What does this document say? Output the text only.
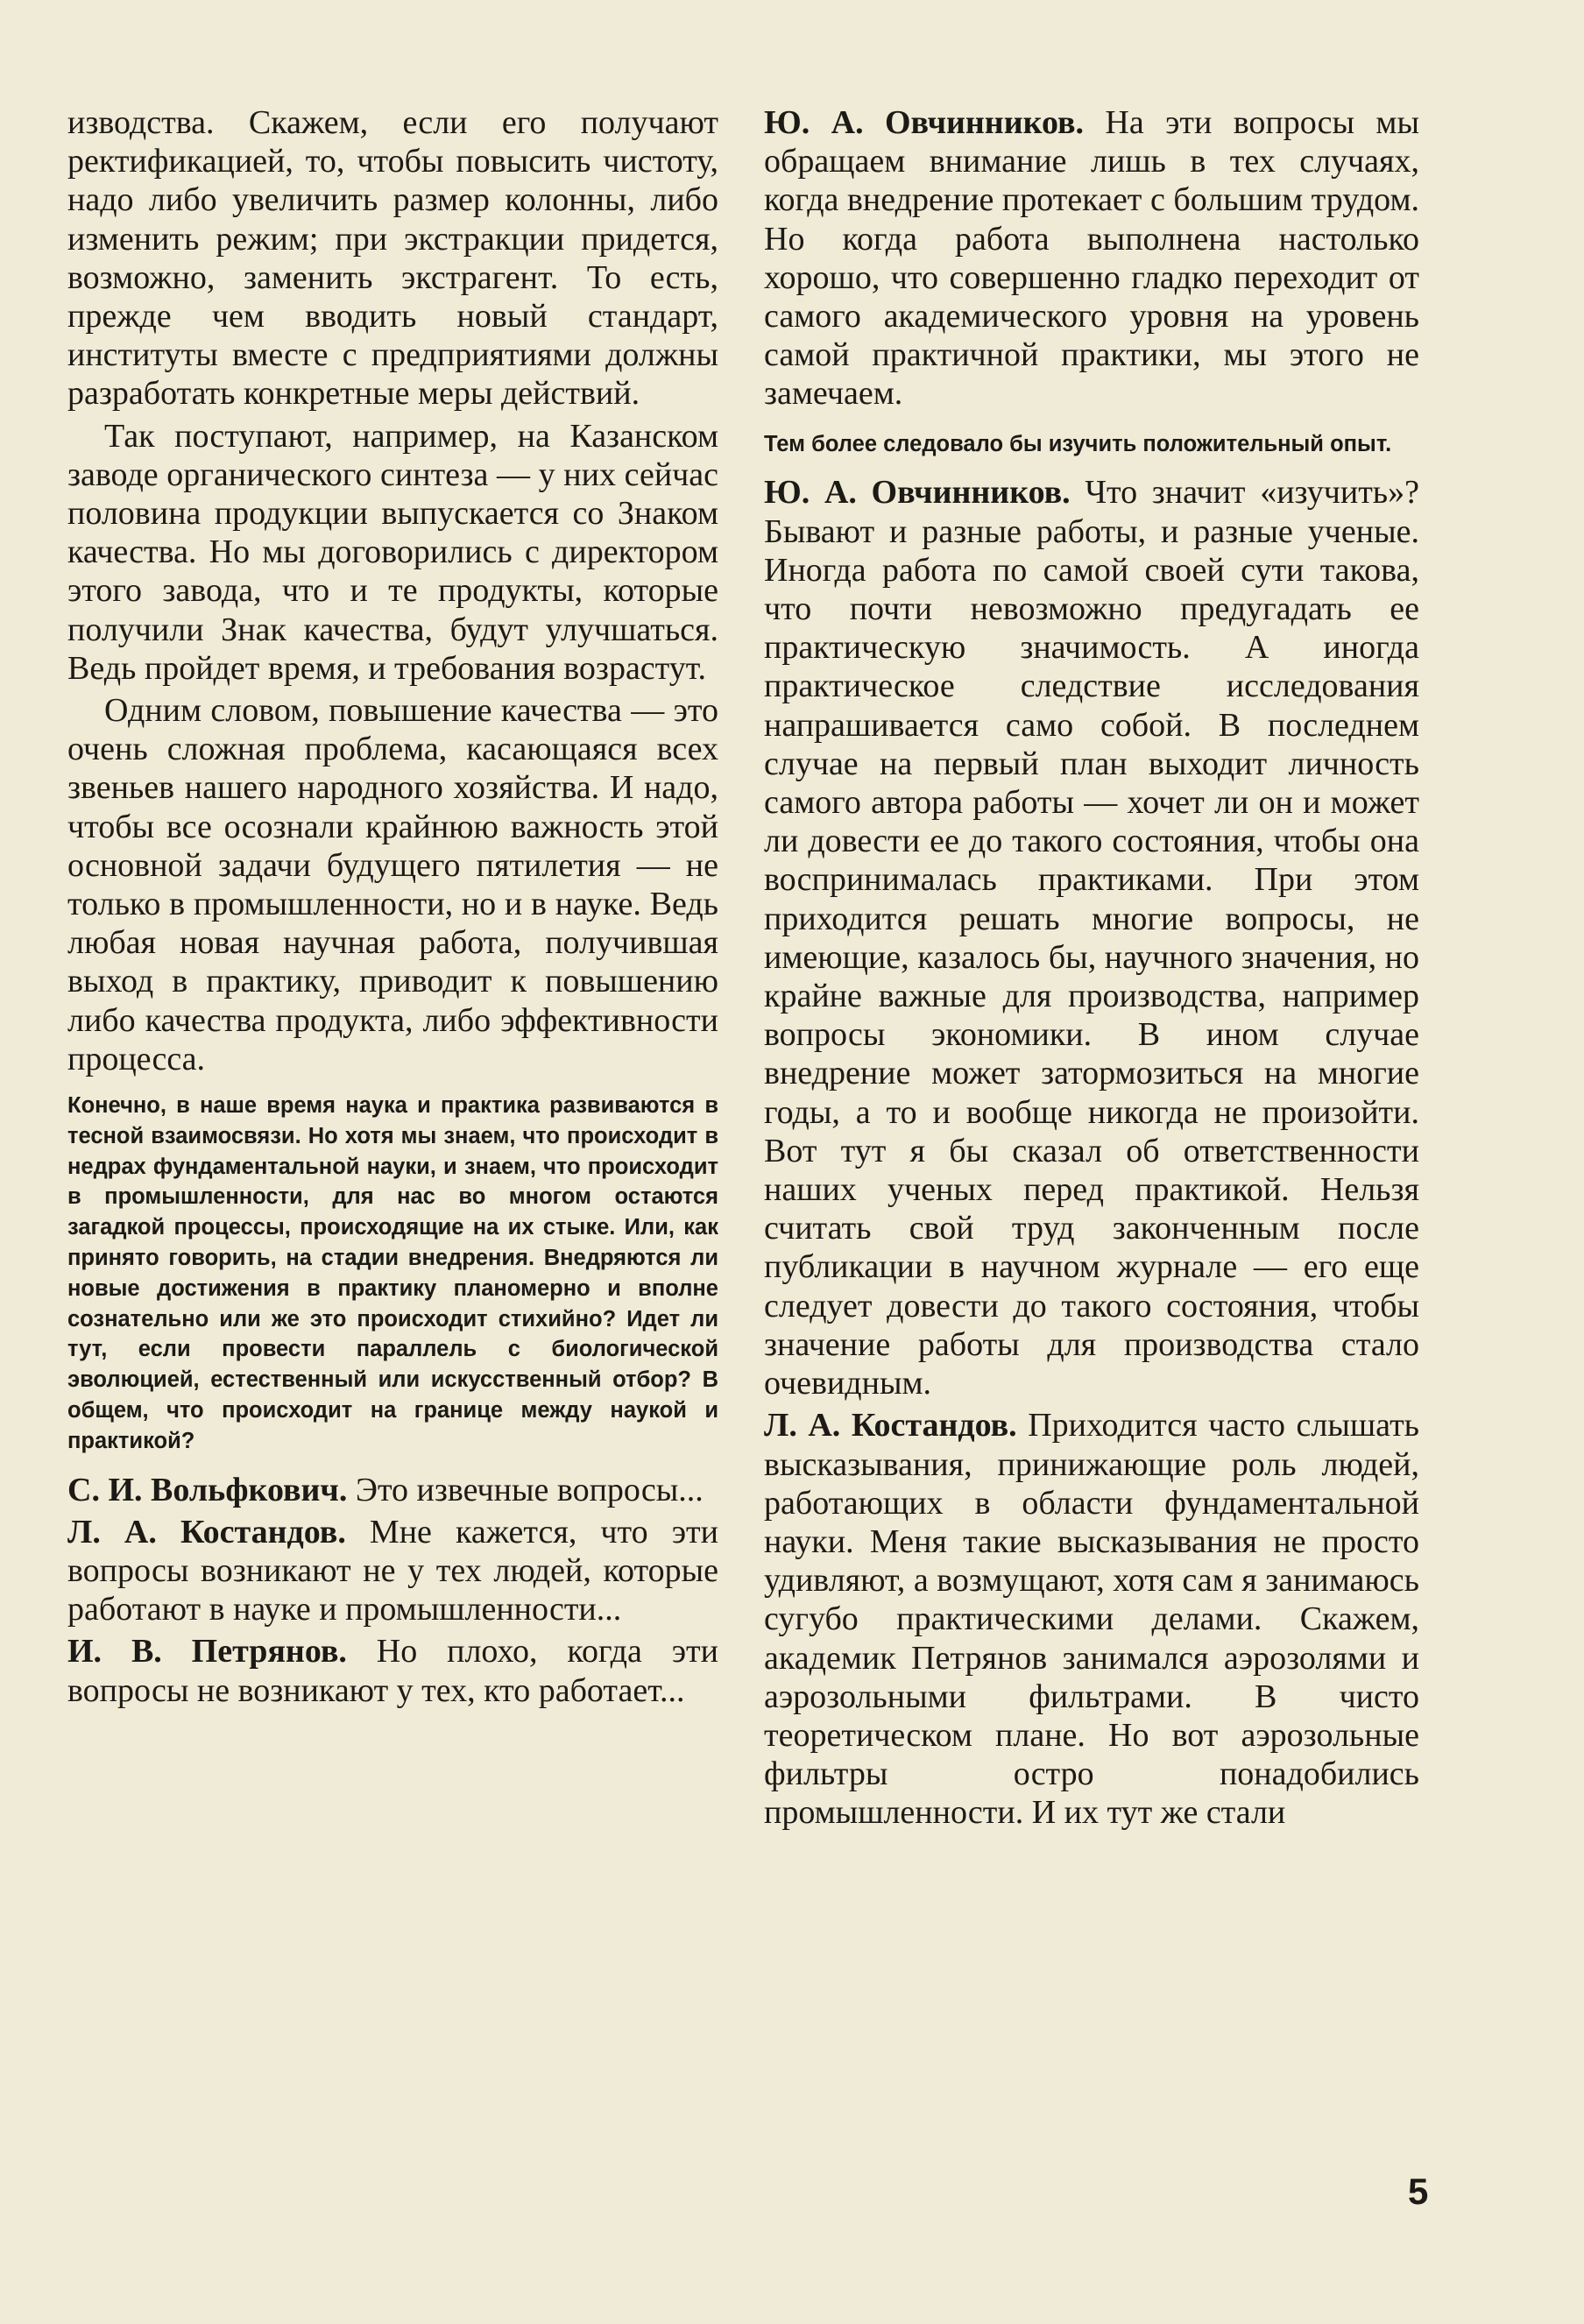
изводства. Скажем, если его получают ректификацией, то, чтобы повысить чистоту, надо либо увеличить размер колонны, либо изменить режим; при экстракции придется, возможно, заменить экстрагент. То есть, прежде чем вводить новый стандарт, институты вместе с предприятиями должны разработать конкретные меры действий.

Так поступают, например, на Казанском заводе органического синтеза — у них сейчас половина продукции выпускается со Знаком качества. Но мы договорились с директором этого завода, что и те продукты, которые получили Знак качества, будут улучшаться. Ведь пройдет время, и требования возрастут.

Одним словом, повышение качества — это очень сложная проблема, касающаяся всех звеньев нашего народного хозяйства. И надо, чтобы все осознали крайнюю важность этой основной задачи будущего пятилетия — не только в промышленности, но и в науке. Ведь любая новая научная работа, получившая выход в практику, приводит к повышению либо качества продукта, либо эффективности процесса.

Конечно, в наше время наука и практика развиваются в тесной взаимосвязи. Но хотя мы знаем, что происходит в недрах фундаментальной науки, и знаем, что происходит в промышленности, для нас во многом остаются загадкой процессы, происходящие на их стыке. Или, как принято говорить, на стадии внедрения. Внедряются ли новые достижения в практику планомерно и вполне сознательно или же это происходит стихийно? Идет ли тут, если провести параллель с биологической эволюцией, естественный или искусственный отбор? В общем, что происходит на границе между наукой и практикой?

С. И. Вольфкович. Это извечные вопросы...

Л. А. Костандов. Мне кажется, что эти вопросы возникают не у тех людей, которые работают в науке и промышленности...

И. В. Петрянов. Но плохо, когда эти вопросы не возникают у тех, кто работает...

Ю. А. Овчинников. На эти вопросы мы обращаем внимание лишь в тех случаях, когда внедрение протекает с большим трудом. Но когда работа выполнена настолько хорошо, что совершенно гладко переходит от самого академического уровня на уровень самой практичной практики, мы этого не замечаем.

Тем более следовало бы изучить положительный опыт.

Ю. А. Овчинников. Что значит «изучить»? Бывают и разные работы, и разные ученые. Иногда работа по самой своей сути такова, что почти невозможно предугадать ее практическую значимость. А иногда практическое следствие исследования напрашивается само собой. В последнем случае на первый план выходит личность самого автора работы — хочет ли он и может ли довести ее до такого состояния, чтобы она воспринималась практиками. При этом приходится решать многие вопросы, не имеющие, казалось бы, научного значения, но крайне важные для производства, например вопросы экономики. В ином случае внедрение может затормозиться на многие годы, а то и вообще никогда не произойти. Вот тут я бы сказал об ответственности наших ученых перед практикой. Нельзя считать свой труд законченным после публикации в научном журнале — его еще следует довести до такого состояния, чтобы значение работы для производства стало очевидным.

Л. А. Костандов. Приходится часто слышать высказывания, принижающие роль людей, работающих в области фундаментальной науки. Меня такие высказывания не просто удивляют, а возмущают, хотя сам я занимаюсь сугубо практическими делами. Скажем, академик Петрянов занимался аэрозолями и аэрозольными фильтрами. В чисто теоретическом плане. Но вот аэрозольные фильтры остро понадобились промышленности. И их тут же стали

5
